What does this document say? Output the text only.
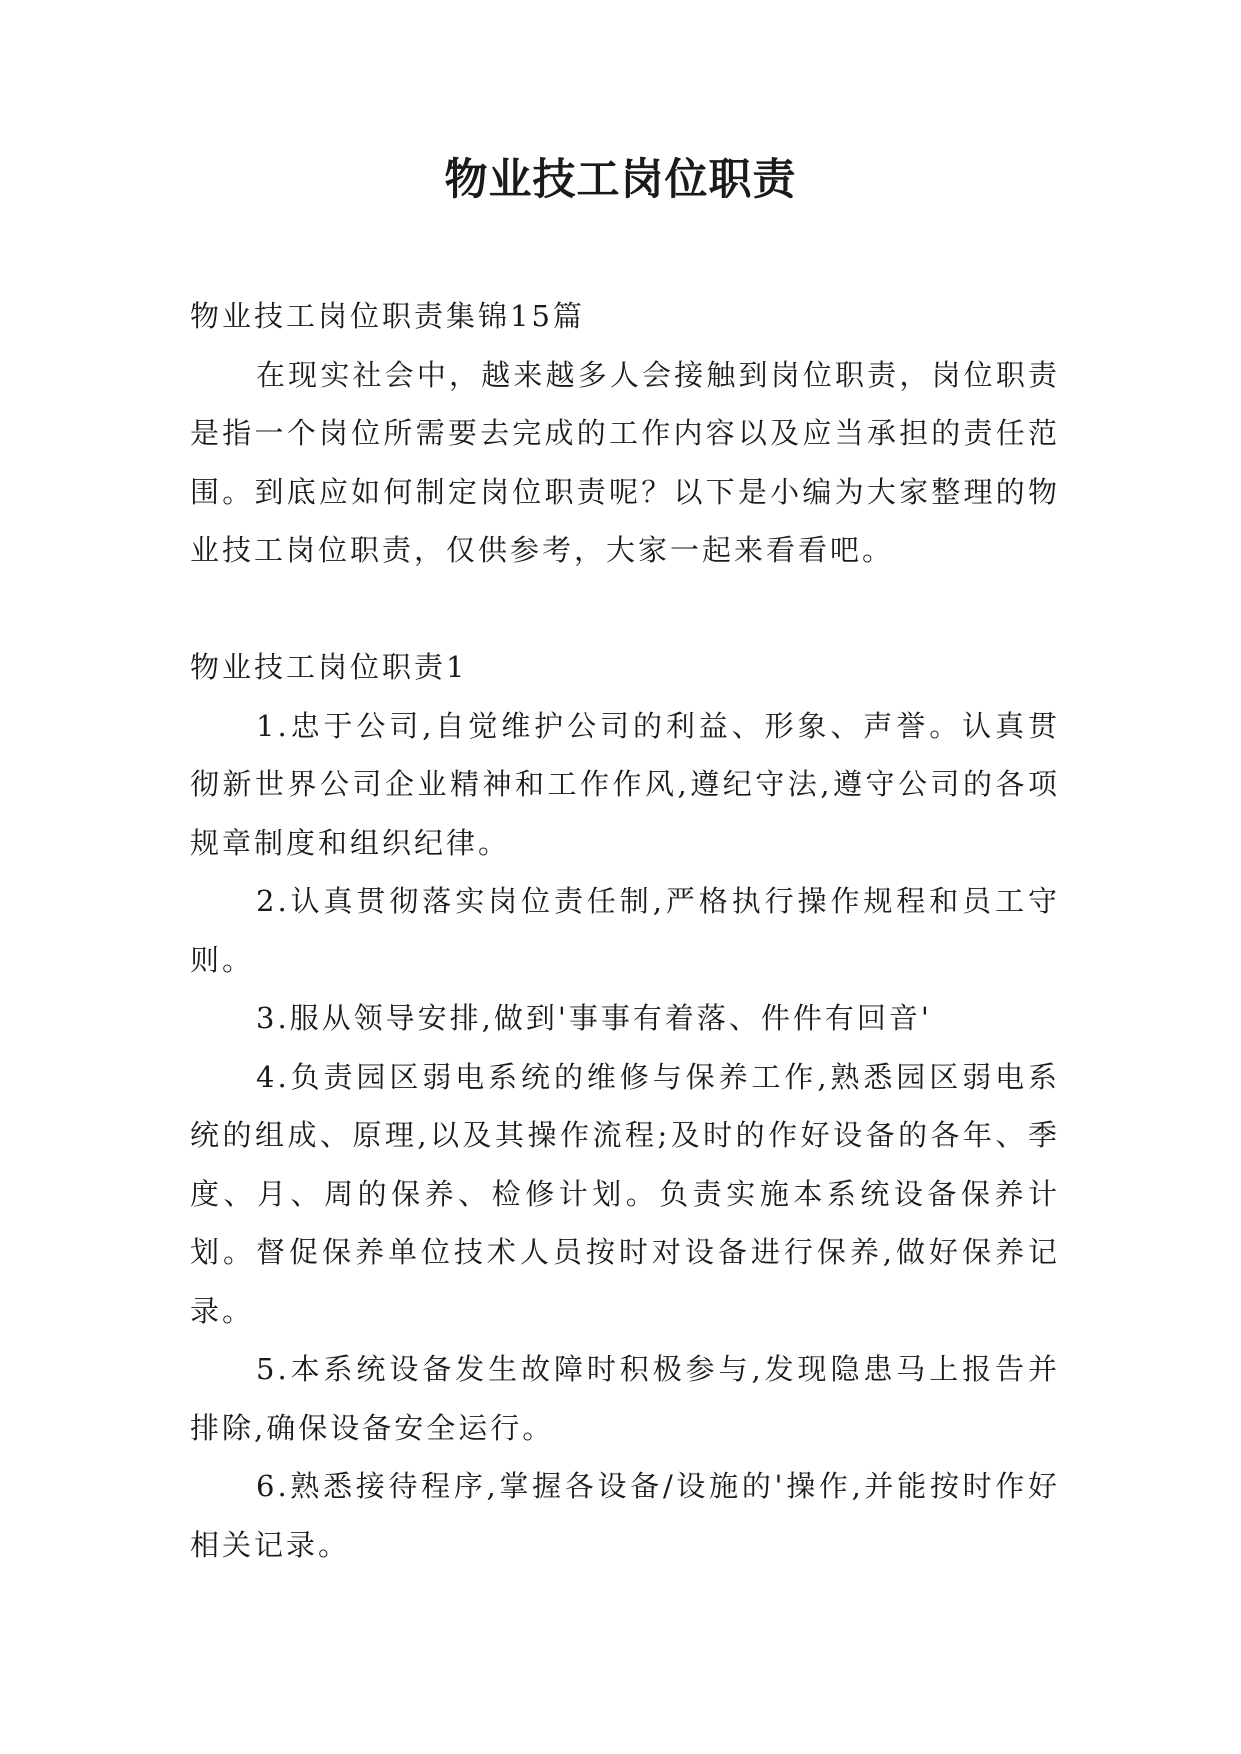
物业技工岗位职责

物业技工岗位职责集锦15篇

在现实社会中，越来越多人会接触到岗位职责，岗位职责是指一个岗位所需要去完成的工作内容以及应当承担的责任范围。到底应如何制定岗位职责呢？以下是小编为大家整理的物业技工岗位职责，仅供参考，大家一起来看看吧。

物业技工岗位职责1

1.忠于公司,自觉维护公司的利益、形象、声誉。认真贯彻新世界公司企业精神和工作作风,遵纪守法,遵守公司的各项规章制度和组织纪律。

2.认真贯彻落实岗位责任制,严格执行操作规程和员工守则。

3.服从领导安排,做到'事事有着落、件件有回音'

4.负责园区弱电系统的维修与保养工作,熟悉园区弱电系统的组成、原理,以及其操作流程;及时的作好设备的各年、季度、月、周的保养、检修计划。负责实施本系统设备保养计划。督促保养单位技术人员按时对设备进行保养,做好保养记录。

5.本系统设备发生故障时积极参与,发现隐患马上报告并排除,确保设备安全运行。

6.熟悉接待程序,掌握各设备/设施的'操作,并能按时作好相关记录。
